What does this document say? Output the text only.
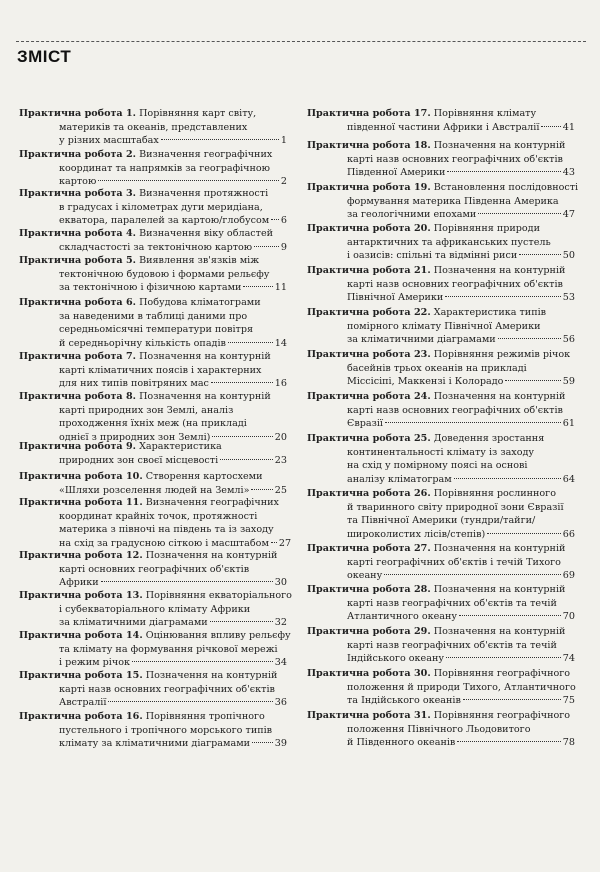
ЗМІСТ
Практична робота 1. Порівняння карт світу,
материків та океанів, представлених
у різних масштабах	1
Практична робота 2. Визначення географічних
координат та напрямків за географічною
картою	2
Практична робота 3. Визначення протяжності
в градусах і кілометрах дуги меридіана,
екватора, паралелей за картою/глобусом 6
Практична робота 4. Визначення віку областей
складчастості за тектонічною картою	9
Практична робота 5. Виявлення зв'язків між
тектонічною будовою і формами рельєфу
за тектонічною і фізичною картами	11
Практична робота 6. Побудова кліматограми
за наведеними в таблиці даними про
середньомісячні температури повітря
й середньорічну кількість опадів	14
Практична робота 7. Позначення на контурній
карті кліматичних поясів і характерних
для них типів повітряних мас	16
Практична робота 8. Позначення на контурній
карті природних зон Землі, аналіз
проходження їхніх меж (на прикладі
однієї з природних зон Землі)	20
Практична робота 9. Характеристика
природних зон своєї місцевості	23
Практична робота 10. Створення картосхеми
«Шляхи розселення людей на Землі»	25
Практична робота 11. Визначення географічних
координат крайніх точок, протяжності
материка з півночі на південь та із заходу
на схід за градусною сіткою і масштабом 27
Практична робота 12. Позначення на контурній
карті основних географічних об'єктів
Африки	30
Практична робота 13. Порівняння екваторіального
і субекваторіального клімату Африки
за кліматичними діаграмами	32
Практична робота 14. Оцінювання впливу рельєфу
та клімату на формування річкової мережі
і режим річок	34
Практична робота 15. Позначення на контурній
карті назв основних географічних об'єктів
Австралії	36
Практична робота 16. Порівняння тропічного
пустельного і тропічного морського типів
клімату за кліматичними діаграмами	39
Практична робота 17. Порівняння клімату
південної частини Африки і Австралії 41
Практична робота 18. Позначення на контурній
карті назв основних географічних об'єктів
Південної Америки	43
Практична робота 19. Встановлення послідовності
формування материка Південна Америка
за геологічними епохами	47
Практична робота 20. Порівняння природи
антарктичних та африканських пустель
і оазисів: спільні та відмінні риси	50
Практична робота 21. Позначення на контурній
карті назв основних географічних об'єктів
Північної Америки	53
Практична робота 22. Характеристика типів
помірного клімату Північної Америки
за кліматичними діаграмами	56
Практична робота 23. Порівняння режимів річок
басейнів трьох океанів на прикладі
Міссісіпі, Маккензі і Колорадо	59
Практична робота 24. Позначення на контурній
карті назв основних географічних об'єктів
Євразії	61
Практична робота 25. Доведення зростання
континентальності клімату із заходу
на схід у помірному поясі на основі
аналізу кліматограм	64
Практична робота 26. Порівняння рослинного
й тваринного світу природної зони Євразії
та Північної Америки (тундри/тайги/
широколистих лісів/степів)	66
Практична робота 27. Позначення на контурній
карті географічних об'єктів і течій Тихого
океану	69
Практична робота 28. Позначення на контурній
карті назв географічних об'єктів та течій
Атлантичного океану	70
Практична робота 29. Позначення на контурній
карті назв географічних об'єктів та течій
Індійського океану	74
Практична робота 30. Порівняння географічного
положення й природи Тихого, Атлантичного
та Індійського океанів	75
Практична робота 31. Порівняння географічного
положення Північного Льодовитого
й Південного океанів	78
